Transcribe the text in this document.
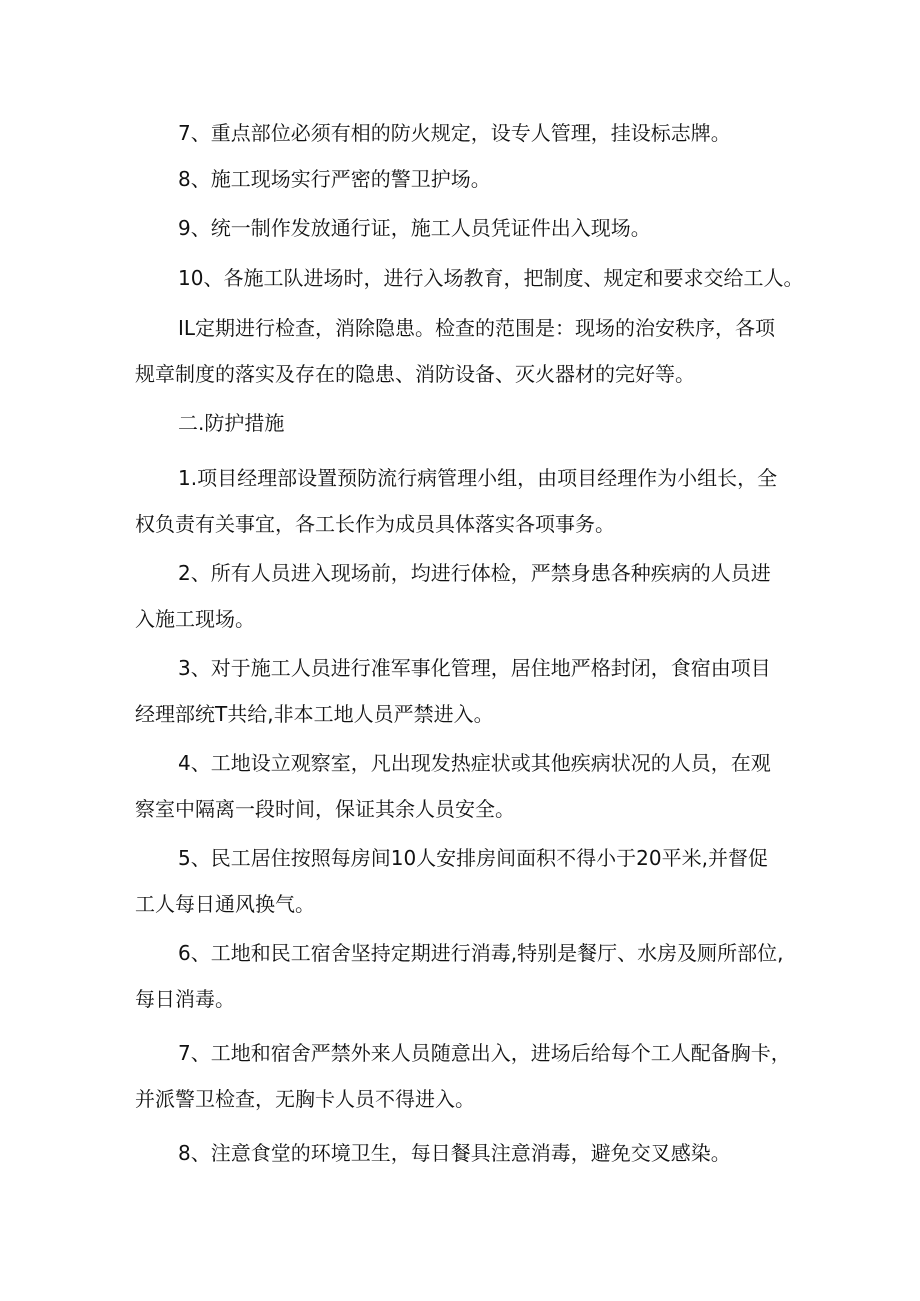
7、重点部位必须有相的防火规定，设专人管理，挂设标志牌。
8、施工现场实行严密的警卫护场。
9、统一制作发放通行证，施工人员凭证件出入现场。
10、各施工队进场时，进行入场教育，把制度、规定和要求交给工人。
IL定期进行检查，消除隐患。检查的范围是：现场的治安秩序，各项
规章制度的落实及存在的隐患、消防设备、灭火器材的完好等。
二.防护措施
1.项目经理部设置预防流行病管理小组，由项目经理作为小组长，全
权负责有关事宜，各工长作为成员具体落实各项事务。
2、所有人员进入现场前，均进行体检，严禁身患各种疾病的人员进
入施工现场。
3、对于施工人员进行准军事化管理，居住地严格封闭，食宿由项目
经理部统T共给,非本工地人员严禁进入。
4、工地设立观察室，凡出现发热症状或其他疾病状况的人员，在观
察室中隔离一段时间，保证其余人员安全。
5、民工居住按照每房间10人安排房间面积不得小于20平米,并督促
工人每日通风换气。
6、工地和民工宿舍坚持定期进行消毒,特别是餐厅、水房及厕所部位,
每日消毒。
7、工地和宿舍严禁外来人员随意出入，进场后给每个工人配备胸卡，
并派警卫检查，无胸卡人员不得进入。
8、注意食堂的环境卫生，每日餐具注意消毒，避免交叉感染。
